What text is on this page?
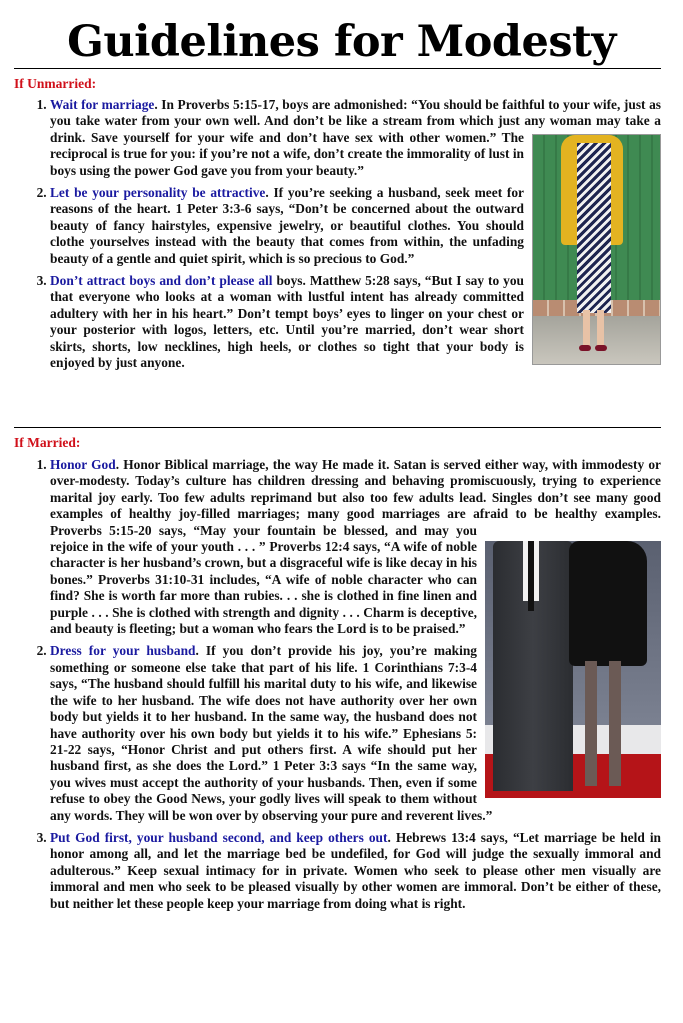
Guidelines for Modesty
If Unmarried:
1. Wait for marriage. In Proverbs 5:15-17, boys are admonished: “You should be faithful to your wife, just as you take water from your own well. And don’t be like a stream from which just any woman may take a drink. Save yourself for your wife and don’t have sex with other women.” The reciprocal is true for you: if you’re not a wife, don’t create the immorality of lust in boys using the power God gave you from your beauty.”
2. Let be your personality be attractive. If you’re seeking a husband, seek meet for reasons of the heart. 1 Peter 3:3-6 says, “Don’t be concerned about the outward beauty of fancy hairstyles, expensive jewelry, or beautiful clothes. You should clothe yourselves instead with the beauty that comes from within, the unfading beauty of a gentle and quiet spirit, which is so precious to God.”
3. Don’t attract boys and don’t please all boys. Matthew 5:28 says, “But I say to you that everyone who looks at a woman with lustful intent has already committed adultery with her in his heart.” Don’t tempt boys’ eyes to linger on your chest or your posterior with logos, letters, etc. Until you’re married, don’t wear short skirts, shorts, low necklines, high heels, or clothes so tight that your body is enjoyed by just anyone.
If Married:
1. Honor God. Honor Biblical marriage, the way He made it. Satan is served either way, with immodesty or over-modesty. Today’s culture has children dressing and behaving promiscuously, trying to experience marital joy early. Too few adults reprimand but also too few adults lead. Singles don’t see many good examples of healthy joy-filled marriages; many good marriages are afraid to be healthy examples. Proverbs 5:15-20 says, “May your fountain be blessed, and may you rejoice in the wife of your youth . . . ” Proverbs 12:4 says, “A wife of noble character is her husband’s crown, but a disgraceful wife is like decay in his bones.” Proverbs 31:10-31 includes, “A wife of noble character who can find? She is worth far more than rubies. . . she is clothed in fine linen and purple . . . She is clothed with strength and dignity . . . Charm is deceptive, and beauty is fleeting; but a woman who fears the Lord is to be praised.”
2. Dress for your husband. If you don’t provide his joy, you’re making something or someone else take that part of his life. 1 Corinthians 7:3-4 says, “The husband should fulfill his marital duty to his wife, and likewise the wife to her husband. The wife does not have authority over her own body but yields it to her husband. In the same way, the husband does not have authority over his own body but yields it to his wife.” Ephesians 5: 21-22 says, “Honor Christ and put others first. A wife should put her husband first, as she does the Lord.” 1 Peter 3:3 says “In the same way, you wives must accept the authority of your husbands. Then, even if some refuse to obey the Good News, your godly lives will speak to them without any words. They will be won over by observing your pure and reverent lives.”
3. Put God first, your husband second, and keep others out. Hebrews 13:4 says, “Let marriage be held in honor among all, and let the marriage bed be undefiled, for God will judge the sexually immoral and adulterous.” Keep sexual intimacy for in private. Women who seek to please other men visually are immoral and men who seek to be pleased visually by other women are immoral. Don’t be either of these, but neither let these people keep your marriage from doing what is right.
